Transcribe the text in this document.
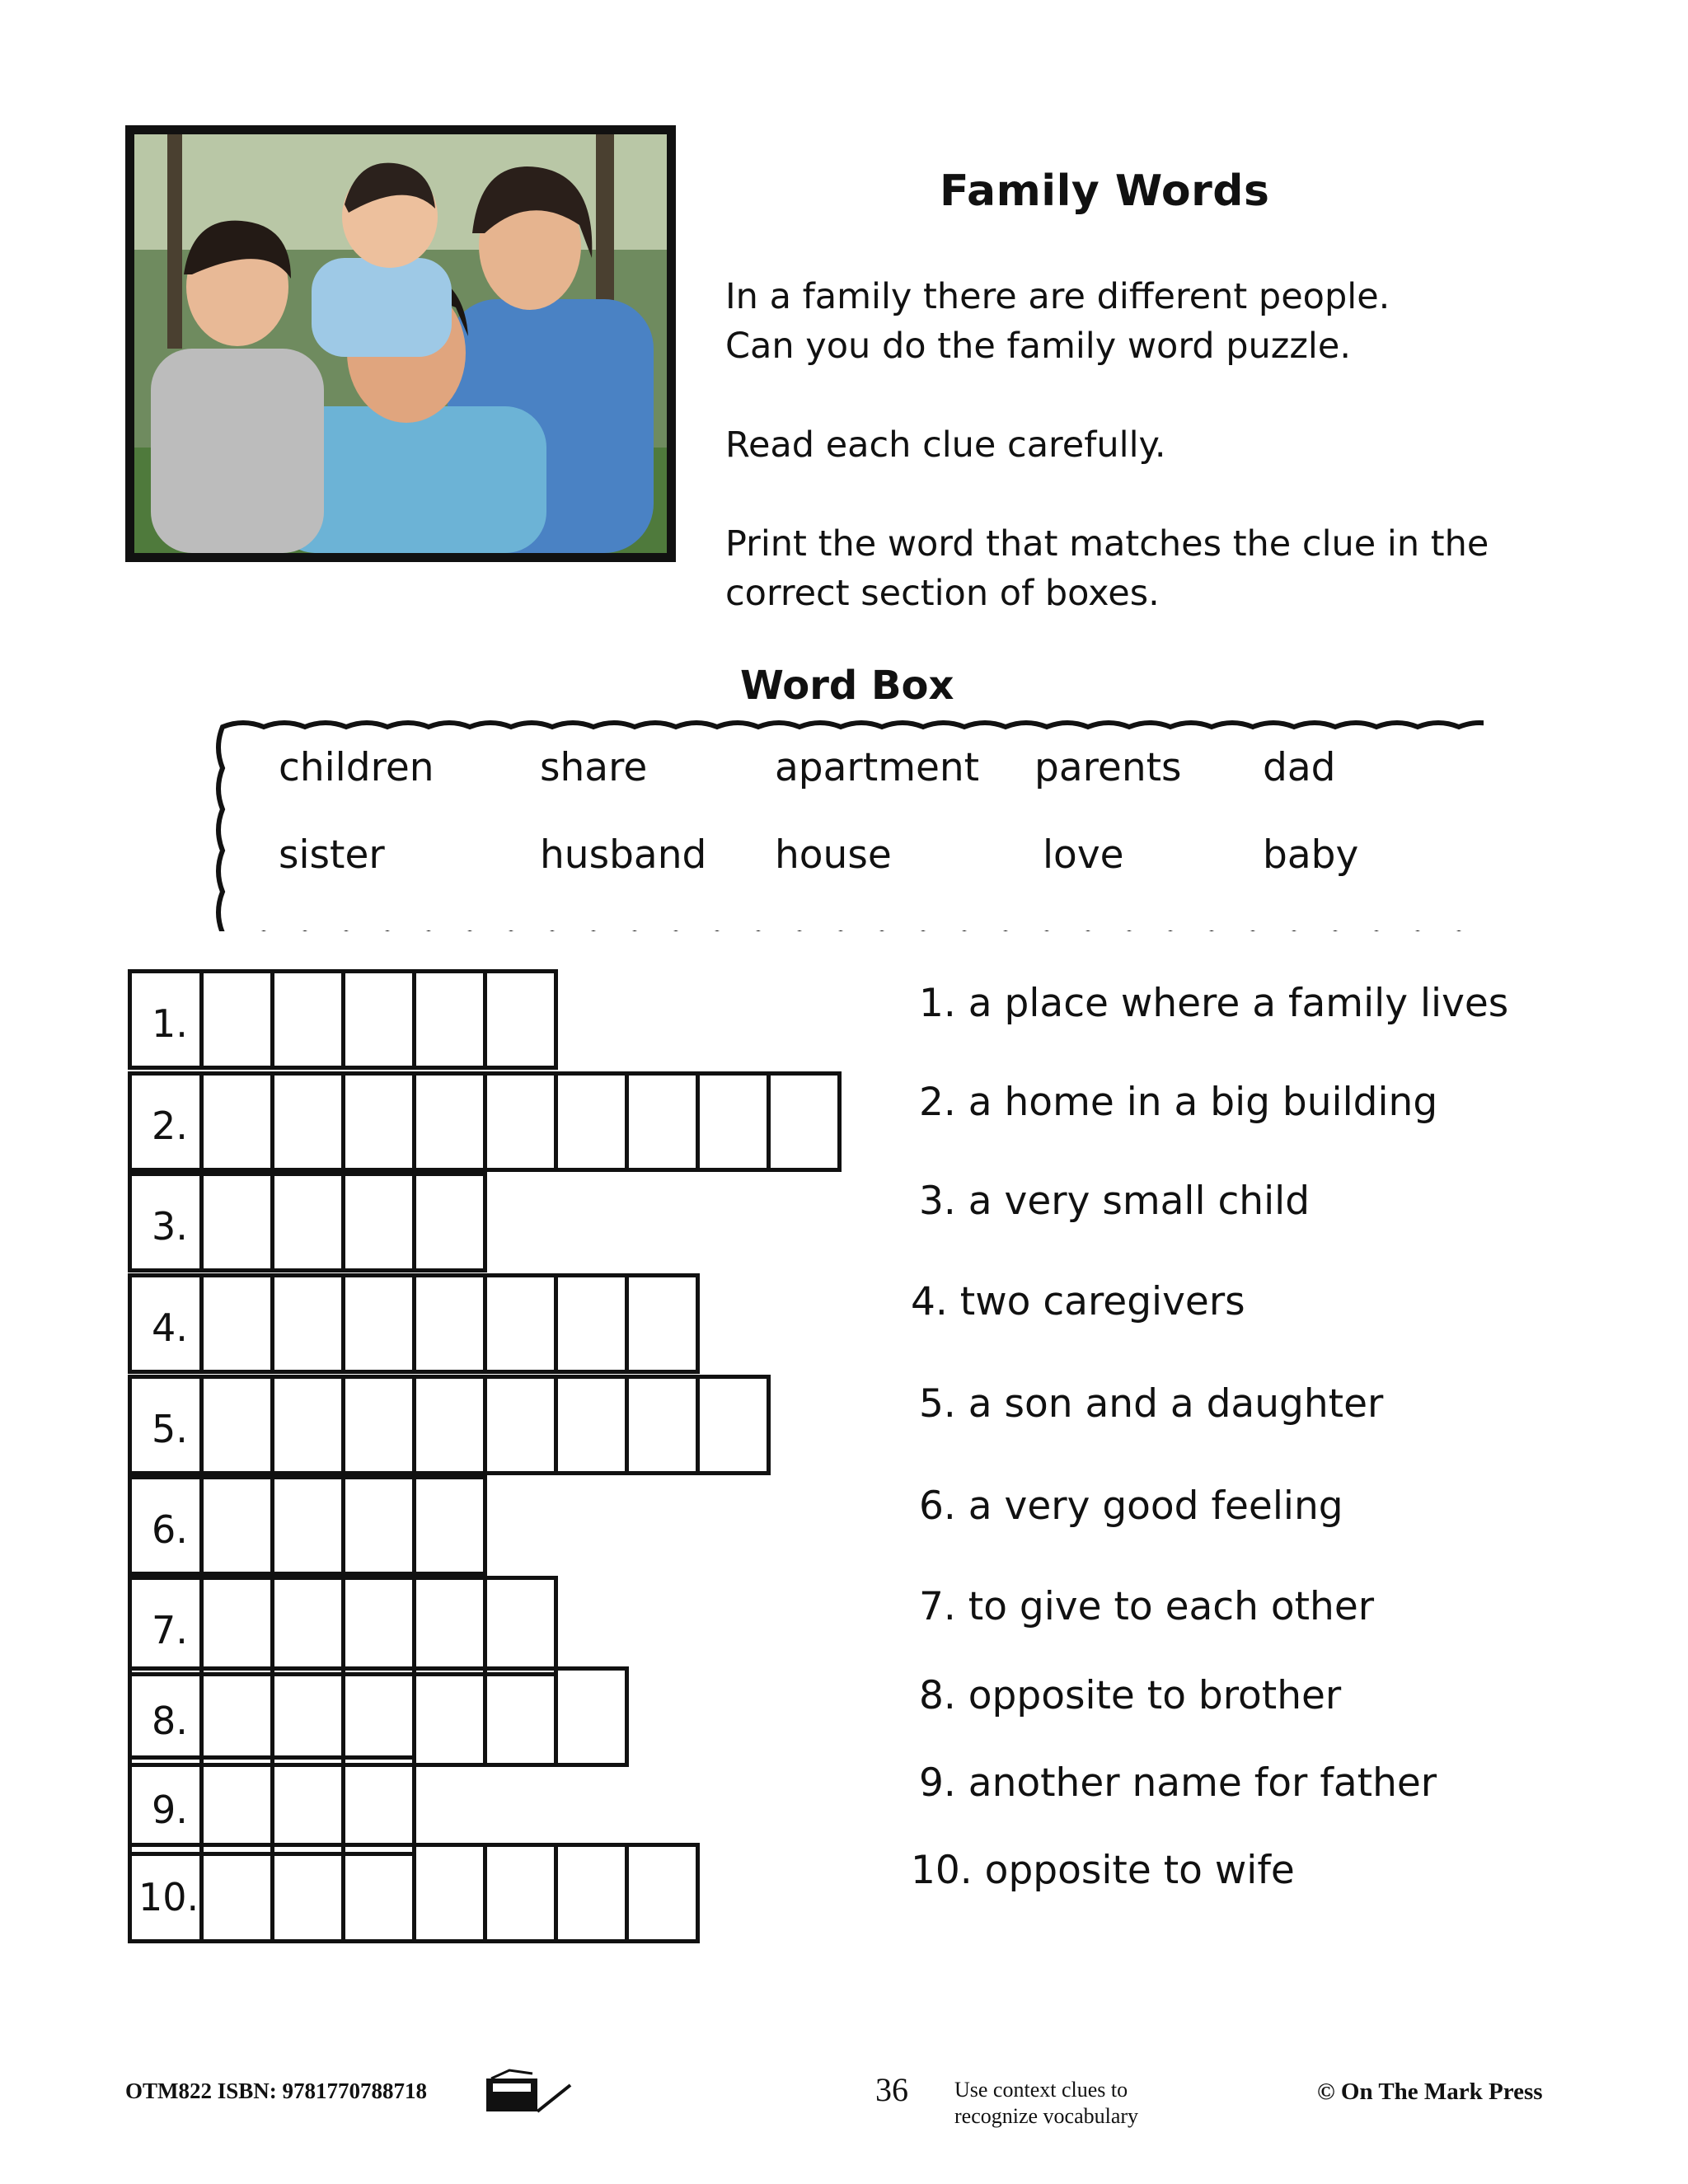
Family Words

In a family there are different people.

Can you do the family word puzzle.

Read each clue carefully.

Print the word that matches the clue in the

correct section of boxes.

Word Box
children	share	apartment parents dad
sister	husband house	love	baby
1.
2.
3.
4.
5.
6.
7.
8.
9.
10.
1. a place where a family lives
2. a home in a big building
3. a very small child
4. two caregivers
5. a son and a daughter
6. a very good feeling
7. to give to each other
8. opposite to brother
9. another name for father
10. opposite to wife
OTM822 ISBN: 9781770788718	36 Use context clues to
recognize vocabulary
© On The Mark Press
